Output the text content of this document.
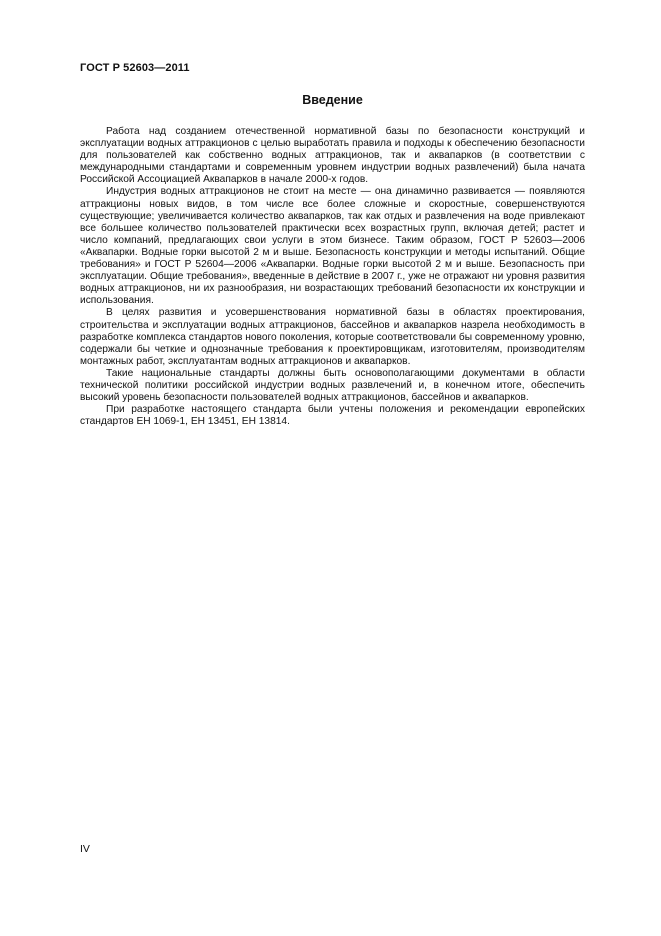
ГОСТ Р 52603—2011
Введение

Работа над созданием отечественной нормативной базы по безопасности конструкций и эксплуатации водных аттракционов с целью выработать правила и подходы к обеспечению безопасности для пользователей как собственно водных аттракционов, так и аквапарков (в соответствии с международными стандартами и современным уровнем индустрии водных развлечений) была начата Российской Ассоциацией Аквапарков в начале 2000-х годов.

Индустрия водных аттракционов не стоит на месте — она динамично развивается — появляются аттракционы новых видов, в том числе все более сложные и скоростные, совершенствуются существующие; увеличивается количество аквапарков, так как отдых и развлечения на воде привлекают все большее количество пользователей практически всех возрастных групп, включая детей; растет и число компаний, предлагающих свои услуги в этом бизнесе. Таким образом, ГОСТ Р 52603—2006 «Аквапарки. Водные горки высотой 2 м и выше. Безопасность конструкции и методы испытаний. Общие требования» и ГОСТ Р 52604—2006 «Аквапарки. Водные горки высотой 2 м и выше. Безопасность при эксплуатации. Общие требования», введенные в действие в 2007 г., уже не отражают ни уровня развития водных аттракционов, ни их разнообразия, ни возрастающих требований безопасности их конструкции и использования.

В целях развития и усовершенствования нормативной базы в областях проектирования, строительства и эксплуатации водных аттракционов, бассейнов и аквапарков назрела необходимость в разработке комплекса стандартов нового поколения, которые соответствовали бы современному уровню, содержали бы четкие и однозначные требования к проектировщикам, изготовителям, производителям монтажных работ, эксплуатантам водных аттракционов и аквапарков.

Такие национальные стандарты должны быть основополагающими документами в области технической политики российской индустрии водных развлечений и, в конечном итоге, обеспечить высокий уровень безопасности пользователей водных аттракционов, бассейнов и аквапарков.

При разработке настоящего стандарта были учтены положения и рекомендации европейских стандартов ЕН 1069-1, ЕН 13451, ЕН 13814.

IV
